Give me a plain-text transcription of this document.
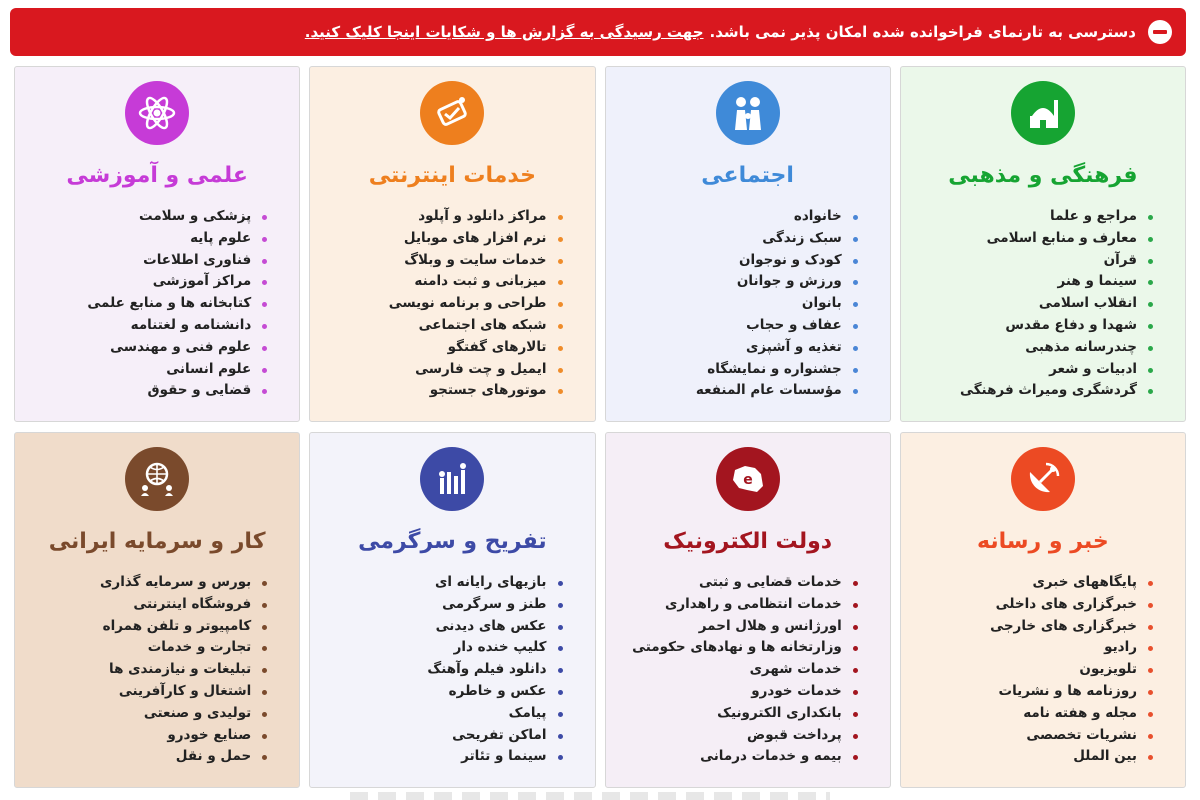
دسترسی به تارنمای فراخوانده شده امکان پذیر نمی باشد.
جهت رسیدگی به گزارش ها و شکایات اینجا کلیک کنید.
فرهنگی و مذهبی
مراجع و علما
معارف و منابع اسلامی
قرآن
سینما و هنر
انقلاب اسلامی
شهدا و دفاع مقدس
چندرسانه مذهبی
ادبیات و شعر
گردشگری ومیراث فرهنگی
اجتماعی
خانواده
سبک زندگی
کودک و نوجوان
ورزش و جوانان
بانوان
عفاف و حجاب
تغذیه و آشپزی
جشنواره و نمایشگاه
مؤسسات عام المنفعه
خدمات اینترنتی
مراکز دانلود و آپلود
نرم افزار های موبایل
خدمات سایت و وبلاگ
میزبانی و ثبت دامنه
طراحی و برنامه نویسی
شبکه های اجتماعی
تالارهای گفتگو
ایمیل و چت فارسی
موتورهای جستجو
علمی و آموزشی
پزشکی و سلامت
علوم پایه
فناوری اطلاعات
مراکز آموزشی
کتابخانه ها و منابع علمی
دانشنامه و لغتنامه
علوم فنی و مهندسی
علوم انسانی
قضایی و حقوق
خبر و رسانه
پایگاههای خبری
خبرگزاری های داخلی
خبرگزاری های خارجی
رادیو
تلویزیون
روزنامه ها و نشریات
مجله و هفته نامه
نشریات تخصصی
بین الملل
e
دولت الکترونیک
خدمات قضایی و ثبتی
خدمات انتظامی و راهداری
اورژانس و هلال احمر
وزارتخانه ها و نهادهای حکومتی
خدمات شهری
خدمات خودرو
بانکداری الکترونیک
پرداخت قبوض
بیمه و خدمات درمانی
تفریح و سرگرمی
بازیهای رایانه ای
طنز و سرگرمی
عکس های دیدنی
کلیپ خنده دار
دانلود فیلم وآهنگ
عکس و خاطره
پیامک
اماکن تفریحی
سینما و تئاتر
کار و سرمایه ایرانی
بورس و سرمایه گذاری
فروشگاه اینترنتی
کامپیوتر و تلفن همراه
تجارت و خدمات
تبلیغات و نیازمندی ها
اشتغال و کارآفرینی
تولیدی و صنعتی
صنایع خودرو
حمل و نقل
